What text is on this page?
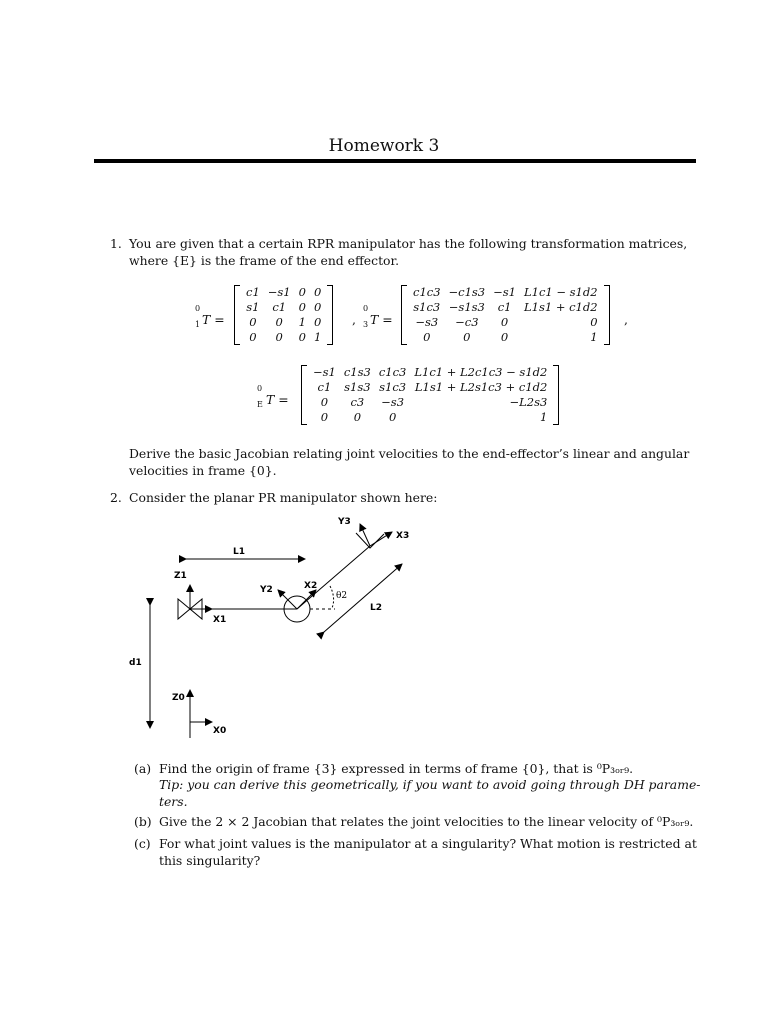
Homework 3
1. You are given that a certain RPR manipulator has the following transformation matrices,
where {E} is the frame of the end effector.
0
1 T =
c1	−s1	0	0
s1	c1	0	0
0	0	1	0
0	0	0	1
,
0
3 T =
c1c3	−c1s3	−s1	L1c1 − s1d2
s1c3	−s1s3	c1	L1s1 + c1d2
−s3	−c3	0	0
0	0	0	1
,
0
E T =
−s1	c1s3	c1c3	L1c1 + L2c1c3 − s1d2
c1	s1s3	s1c3	L1s1 + L2s1c3 + c1d2
0	c3	−s3	−L2s3
0	0	0	1
Derive the basic Jacobian relating joint velocities to the end-effector’s linear and angular
velocities in frame {0}.
2. Consider the planar PR manipulator shown here:
L1
Z1
Y2	X2
θ2
X1
Y3
X3
L2
d1
Z0
X0
(a) Find the origin of frame {3} expressed in terms of frame {0}, that is ⁰P₃ₒᵣ₉.
Tip: you can derive this geometrically, if you want to avoid going through DH parame-
ters.
(b) Give the 2 × 2 Jacobian that relates the joint velocities to the linear velocity of ⁰P₃ₒᵣ₉.
(c) For what joint values is the manipulator at a singularity? What motion is restricted at
this singularity?
